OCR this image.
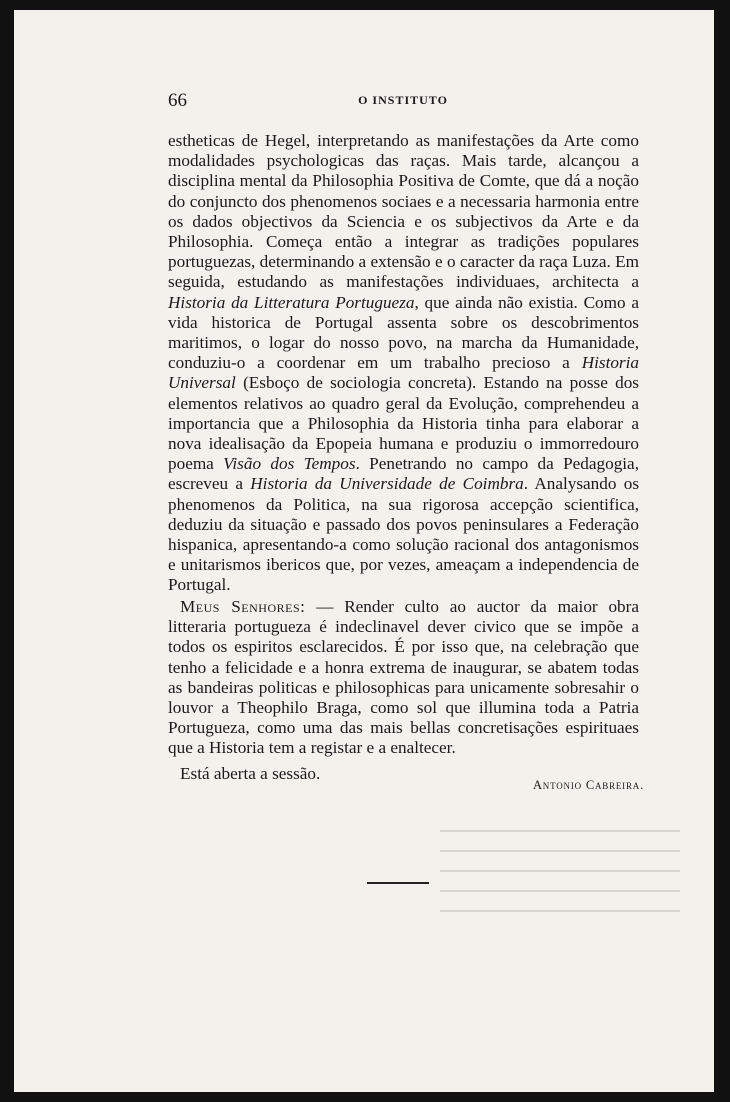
66	O INSTITUTO
estheticas de Hegel, interpretando as manifestações da Arte como modalidades psychologicas das raças. Mais tarde, alcançou a disciplina mental da Philosophia Positiva de Comte, que dá a noção do conjuncto dos phenomenos sociaes e a necessaria harmonia entre os dados objectivos da Sciencia e os subjectivos da Arte e da Philosophia. Começa então a integrar as tradições populares portuguezas, determinando a extensão e o caracter da raça Luza. Em seguida, estudando as manifestações individuaes, architecta a Historia da Litteratura Portugueza, que ainda não existia. Como a vida historica de Portugal assenta sobre os descobrimentos maritimos, o logar do nosso povo, na marcha da Humanidade, conduziu-o a coordenar em um trabalho precioso a Historia Universal (Esboço de sociologia concreta). Estando na posse dos elementos relativos ao quadro geral da Evolução, comprehendeu a importancia que a Philosophia da Historia tinha para elaborar a nova idealisação da Epopeia humana e produziu o immorredouro poema Visão dos Tempos. Penetrando no campo da Pedagogia, escreveu a Historia da Universidade de Coimbra. Analysando os phenomenos da Politica, na sua rigorosa accepção scientifica, deduziu da situação e passado dos povos peninsulares a Federação hispanica, apresentando-a como solução racional dos antagonismos e unitarismos ibericos que, por vezes, ameaçam a independencia de Portugal.
Meus Senhores: — Render culto ao auctor da maior obra litteraria portugueza é indeclinavel dever civico que se impõe a todos os espiritos esclarecidos. É por isso que, na celebração que tenho a felicidade e a honra extrema de inaugurar, se abatem todas as bandeiras politicas e philosophicas para unicamente sobresahir o louvor a Theophilo Braga, como sol que illumina toda a Patria Portugueza, como uma das mais bellas concretisações espirituaes que a Historia tem a registar e a enaltecer.
Está aberta a sessão.
Antonio Cabreira.
